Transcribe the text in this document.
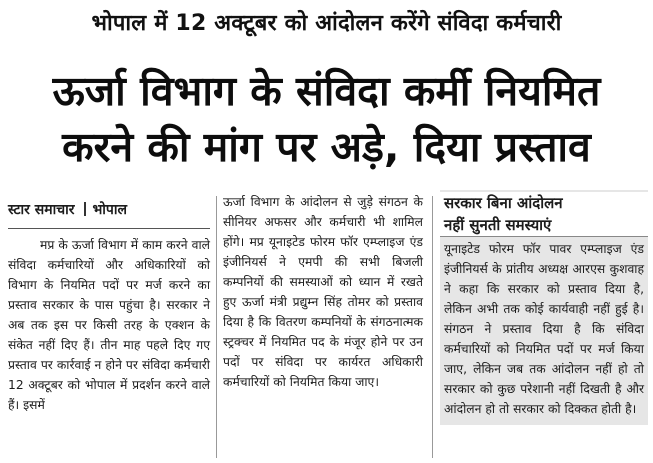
भोपाल में 12 अक्टूबर को आंदोलन करेंगे संविदा कर्मचारी
ऊर्जा विभाग के संविदा कर्मी नियमित
करने की मांग पर अड़े, दिया प्रस्ताव
स्टार समाचार भोपाल
मप्र के ऊर्जा विभाग में काम करने वाले संविदा कर्मचारियों और अधिकारियों को विभाग के नियमित पदों पर मर्ज करने का प्रस्ताव सरकार के पास पहुंचा है। सरकार ने अब तक इस पर किसी तरह के एक्शन के संकेत नहीं दिए हैं। तीन माह पहले दिए गए प्रस्ताव पर कार्रवाई न होने पर संविदा कर्मचारी 12 अक्टूबर को भोपाल में प्रदर्शन करने वाले हैं। इसमें
ऊर्जा विभाग के आंदोलन से जुड़े संगठन के सीनियर अफसर और कर्मचारी भी शामिल होंगे। मप्र यूनाइटेड फोरम फॉर एम्प्लाइज एंड इंजीनियर्स ने एमपी की सभी बिजली कम्पनियों की समस्याओं को ध्यान में रखते हुए ऊर्जा मंत्री प्रद्युम्न सिंह तोमर को प्रस्ताव दिया है कि वितरण कम्पनियों के संगठनात्मक स्ट्रक्चर में नियमित पद के मंजूर होने पर उन पदों पर संविदा पर कार्यरत अधिकारी कर्मचारियों को नियमित किया जाए।
सरकार बिना आंदोलन
नहीं सुनती समस्याएं
यूनाइटेड फोरम फॉर पावर एम्प्लाइज एंड इंजीनियर्स के प्रांतीय अध्यक्ष आरएस कुशवाह ने कहा कि सरकार को प्रस्ताव दिया है, लेकिन अभी तक कोई कार्यवाही नहीं हुई है। संगठन ने प्रस्ताव दिया है कि संविदा कर्मचारियों को नियमित पदों पर मर्ज किया जाए, लेकिन जब तक आंदोलन नहीं हो तो सरकार को कुछ परेशानी नहीं दिखती है और आंदोलन हो तो सरकार को दिक्कत होती है।
